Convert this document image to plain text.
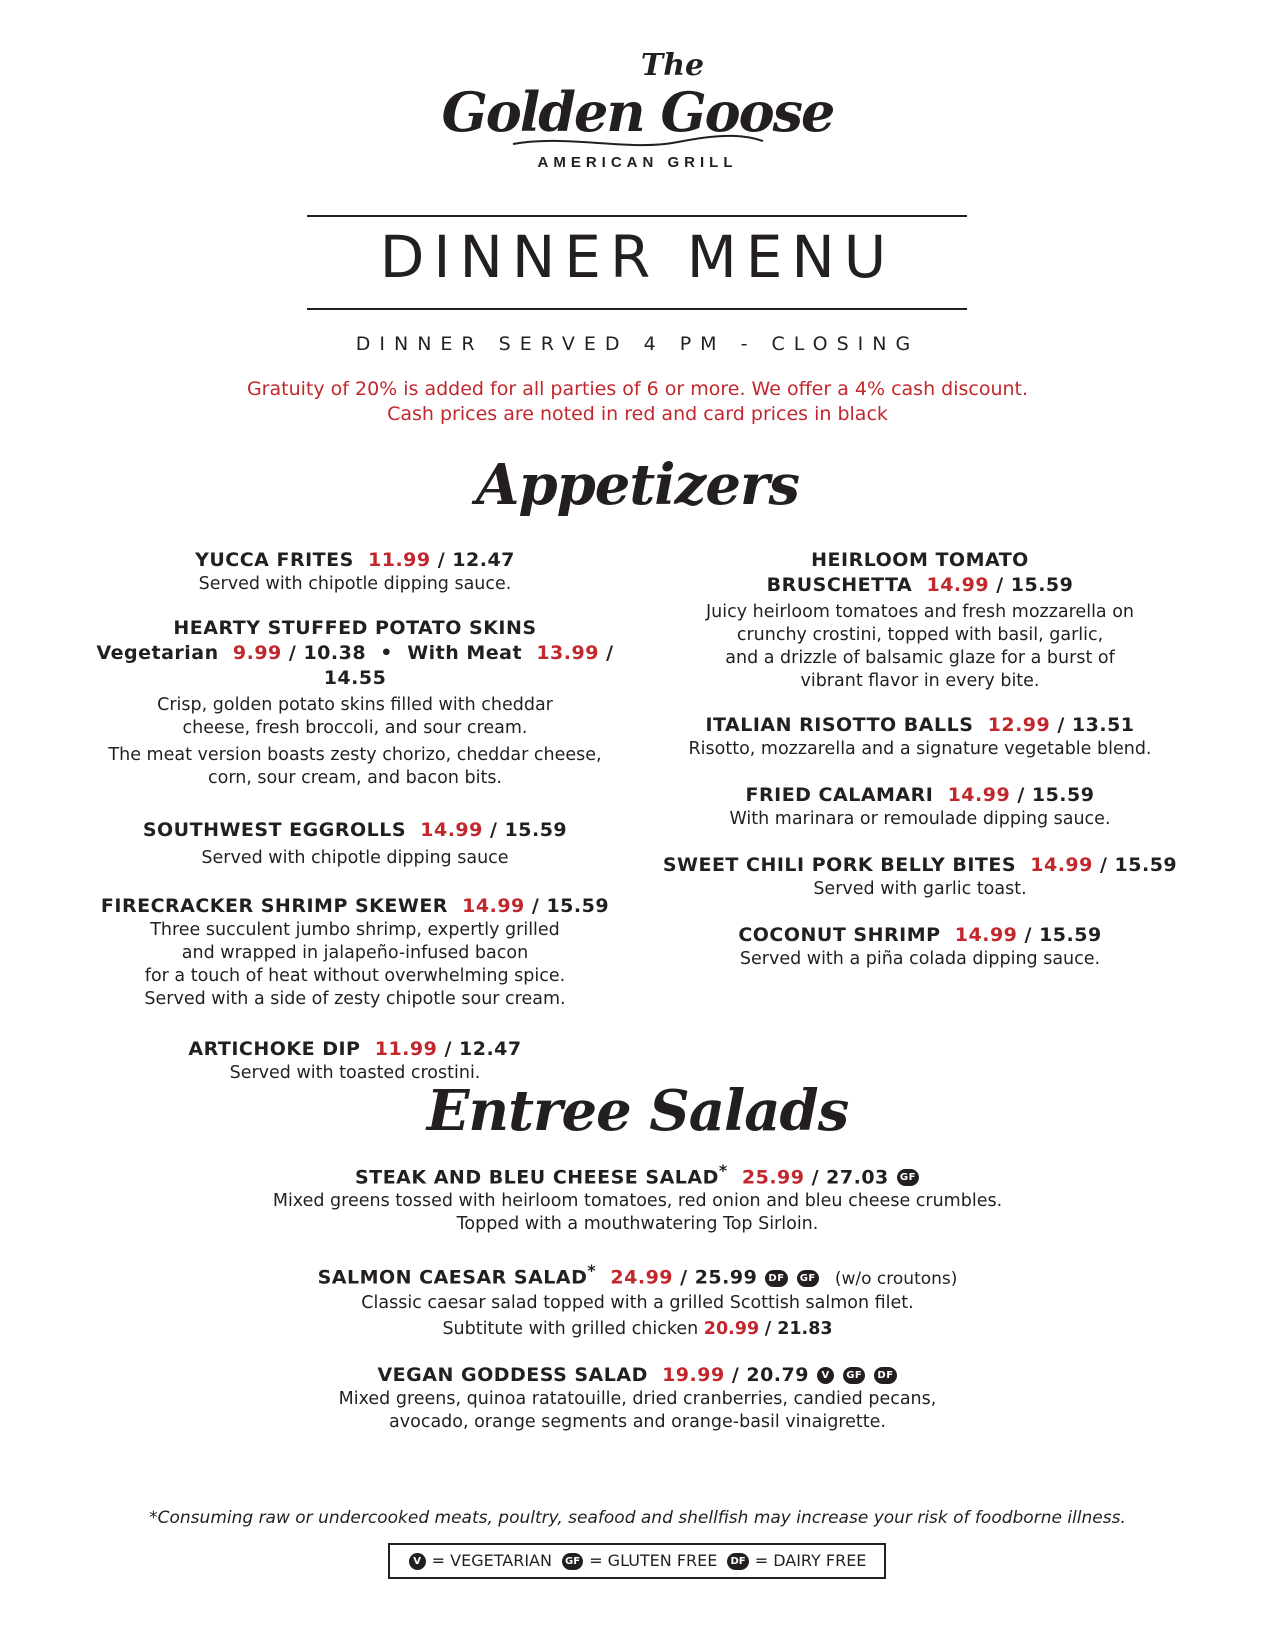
The
Golden Goose
AMERICAN GRILL
DINNER MENU
DINNER SERVED 4 PM - CLOSING
Gratuity of 20% is added for all parties of 6 or more. We offer a 4% cash discount.
Cash prices are noted in red and card prices in black
Appetizers
YUCCA FRITES 11.99 / 12.47
Served with chipotle dipping sauce.
HEARTY STUFFED POTATO SKINS
Vegetarian 9.99 / 10.38 • With Meat 13.99 / 14.55
Crisp, golden potato skins filled with cheddar
cheese, fresh broccoli, and sour cream.
The meat version boasts zesty chorizo, cheddar cheese,
corn, sour cream, and bacon bits.
SOUTHWEST EGGROLLS 14.99 / 15.59
Served with chipotle dipping sauce
FIRECRACKER SHRIMP SKEWER 14.99 / 15.59
Three succulent jumbo shrimp, expertly grilled
and wrapped in jalapeño-infused bacon
for a touch of heat without overwhelming spice.
Served with a side of zesty chipotle sour cream.
ARTICHOKE DIP 11.99 / 12.47
Served with toasted crostini.
HEIRLOOM TOMATO
BRUSCHETTA 14.99 / 15.59
Juicy heirloom tomatoes and fresh mozzarella on
crunchy crostini, topped with basil, garlic,
and a drizzle of balsamic glaze for a burst of
vibrant flavor in every bite.
ITALIAN RISOTTO BALLS 12.99 / 13.51
Risotto, mozzarella and a signature vegetable blend.
FRIED CALAMARI 14.99 / 15.59
With marinara or remoulade dipping sauce.
SWEET CHILI PORK BELLY BITES 14.99 / 15.59
Served with garlic toast.
COCONUT SHRIMP 14.99 / 15.59
Served with a piña colada dipping sauce.
Entree Salads
STEAK AND BLEU CHEESE SALAD* 25.99 / 27.03 GF
Mixed greens tossed with heirloom tomatoes, red onion and bleu cheese crumbles.
Topped with a mouthwatering Top Sirloin.
SALMON CAESAR SALAD* 24.99 / 25.99 DF GF (w/o croutons)
Classic caesar salad topped with a grilled Scottish salmon filet.
Subtitute with grilled chicken 20.99 / 21.83
VEGAN GODDESS SALAD 19.99 / 20.79 V GF DF
Mixed greens, quinoa ratatouille, dried cranberries, candied pecans,
avocado, orange segments and orange-basil vinaigrette.
*Consuming raw or undercooked meats, poultry, seafood and shellfish may increase your risk of foodborne illness.
V = VEGETARIAN GF = GLUTEN FREE DF = DAIRY FREE
